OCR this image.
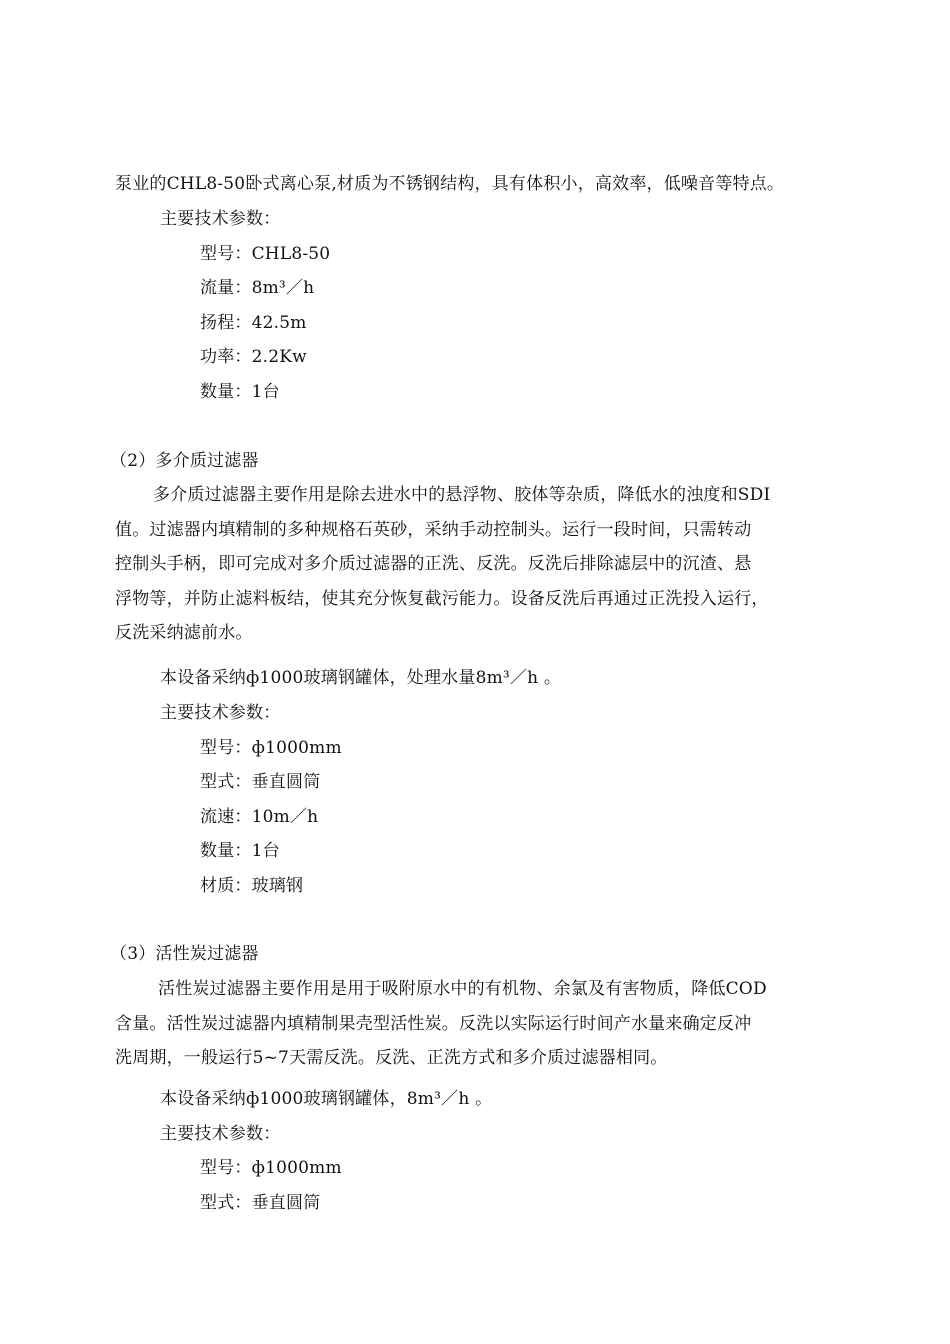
泵业的CHL8-50卧式离心泵,材质为不锈钢结构，具有体积小，高效率，低噪音等特点。
主要技术参数：
型号：CHL8-50
流量：8m³／h
扬程：42.5m
功率：2.2Kw
数量：1台
（2）多介质过滤器
多介质过滤器主要作用是除去进水中的悬浮物、胶体等杂质，降低水的浊度和SDI
值。过滤器内填精制的多种规格石英砂，采纳手动控制头。运行一段时间，只需转动
控制头手柄，即可完成对多介质过滤器的正洗、反洗。反洗后排除滤层中的沉渣、悬
浮物等，并防止滤料板结，使其充分恢复截污能力。设备反洗后再通过正洗投入运行，
反洗采纳滤前水。
本设备采纳ф1000玻璃钢罐体，处理水量8m³／h 。
主要技术参数：
型号：ф1000mm
型式：垂直圆筒
流速：10m／h
数量：1台
材质：玻璃钢
（3）活性炭过滤器
活性炭过滤器主要作用是用于吸附原水中的有机物、余氯及有害物质，降低COD
含量。活性炭过滤器内填精制果壳型活性炭。反洗以实际运行时间产水量来确定反冲
洗周期，一般运行5~7天需反洗。反洗、正洗方式和多介质过滤器相同。
本设备采纳ф1000玻璃钢罐体，8m³／h 。
主要技术参数：
型号：ф1000mm
型式：垂直圆筒
